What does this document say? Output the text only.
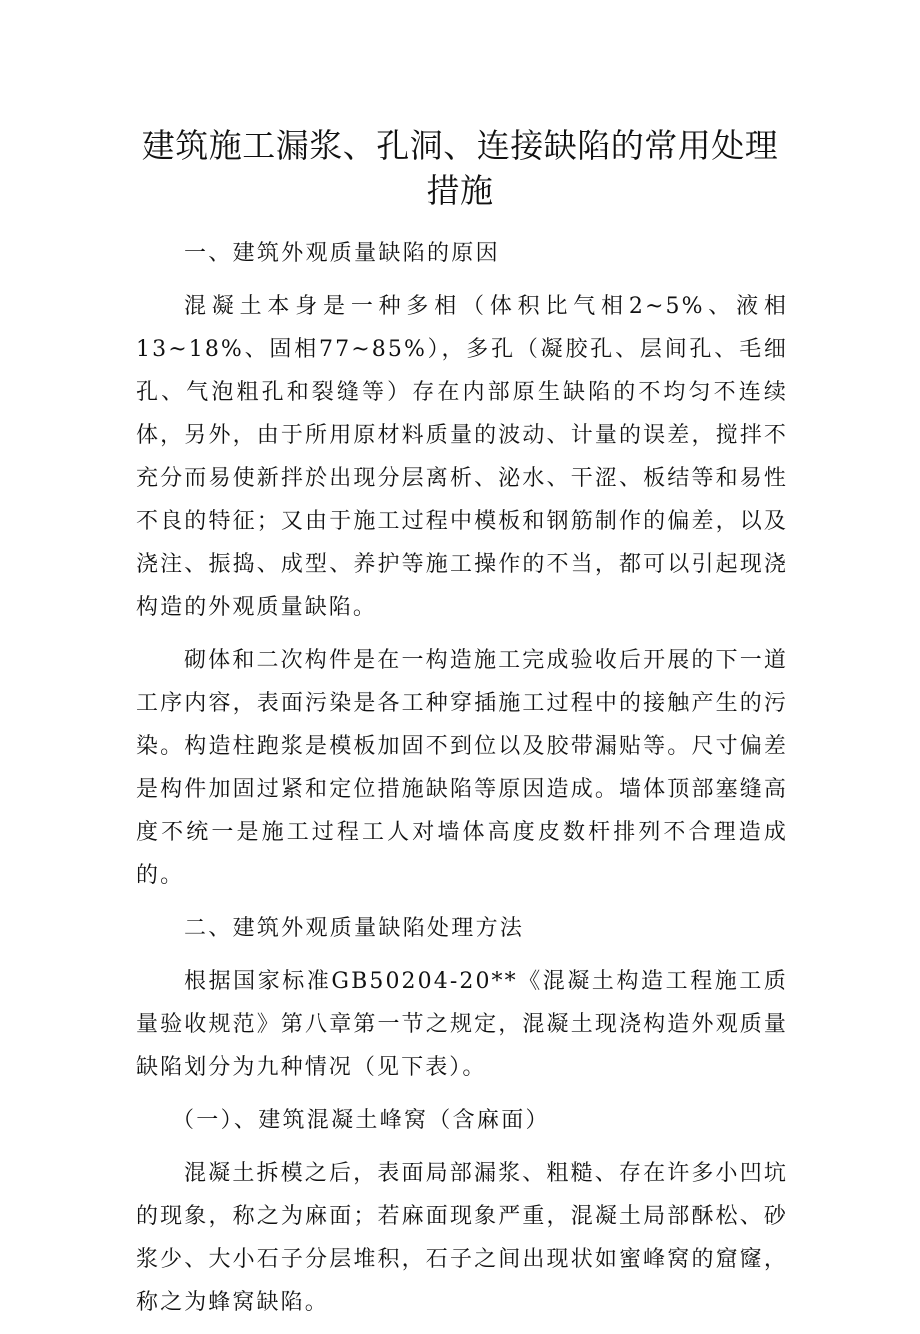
建筑施工漏浆、孔洞、连接缺陷的常用处理
措施
一、建筑外观质量缺陷的原因

混凝土本身是一种多相（体积比气相2~5%、液相13~18%、固相77~85%），多孔（凝胶孔、层间孔、毛细孔、气泡粗孔和裂缝等）存在内部原生缺陷的不均匀不连续体，另外，由于所用原材料质量的波动、计量的误差，搅拌不充分而易使新拌於出现分层离析、泌水、干涩、板结等和易性不良的特征；又由于施工过程中模板和钢筋制作的偏差，以及浇注、振捣、成型、养护等施工操作的不当，都可以引起现浇构造的外观质量缺陷。

砌体和二次构件是在一构造施工完成验收后开展的下一道工序内容，表面污染是各工种穿插施工过程中的接触产生的污染。构造柱跑浆是模板加固不到位以及胶带漏贴等。尺寸偏差是构件加固过紧和定位措施缺陷等原因造成。墙体顶部塞缝高度不统一是施工过程工人对墙体高度皮数杆排列不合理造成的。

二、建筑外观质量缺陷处理方法

根据国家标准GB50204-20**《混凝土构造工程施工质量验收规范》第八章第一节之规定，混凝土现浇构造外观质量缺陷划分为九种情况（见下表）。

（一）、建筑混凝土峰窝（含麻面）

混凝土拆模之后，表面局部漏浆、粗糙、存在许多小凹坑的现象，称之为麻面；若麻面现象严重，混凝土局部酥松、砂浆少、大小石子分层堆积，石子之间出现状如蜜峰窝的窟窿，称之为蜂窝缺陷。
